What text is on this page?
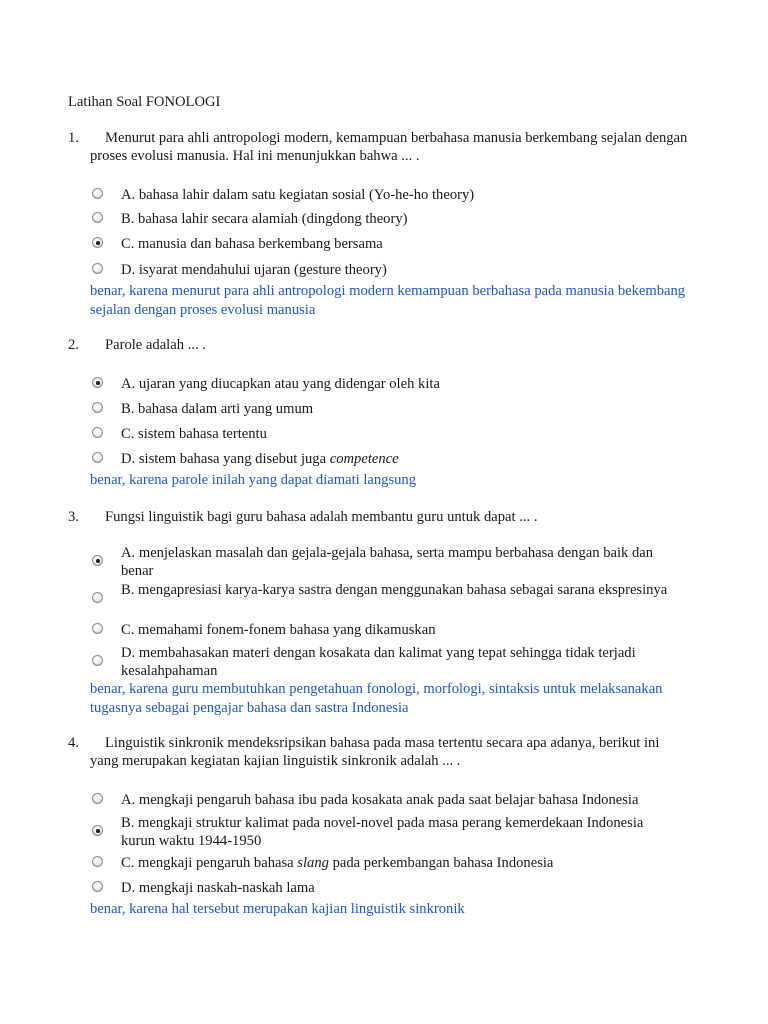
Latihan Soal FONOLOGI
1.	Menurut para ahli antropologi modern, kemampuan berbahasa manusia berkembang sejalan dengan proses evolusi manusia. Hal ini menunjukkan bahwa ... .
A. bahasa lahir dalam satu kegiatan sosial (Yo-he-ho theory)
B. bahasa lahir secara alamiah (dingdong theory)
C. manusia dan bahasa berkembang bersama
D. isyarat mendahului ujaran (gesture theory)
benar, karena menurut para ahli antropologi modern kemampuan berbahasa pada manusia bekembang sejalan dengan proses evolusi manusia
2.	Parole adalah ... .
A. ujaran yang diucapkan atau yang didengar oleh kita
B. bahasa dalam arti yang umum
C. sistem bahasa tertentu
D. sistem bahasa yang disebut juga competence
benar, karena parole inilah yang dapat diamati langsung
3.	Fungsi linguistik bagi guru bahasa adalah membantu guru untuk dapat ... .
A. menjelaskan masalah dan gejala-gejala bahasa, serta mampu berbahasa dengan baik dan benar
B. mengapresiasi karya-karya sastra dengan menggunakan bahasa sebagai sarana ekspresinya
C. memahami fonem-fonem bahasa yang dikamuskan
D. membahasakan materi dengan kosakata dan kalimat yang tepat sehingga tidak terjadi kesalahpahaman
benar, karena guru membutuhkan pengetahuan fonologi, morfologi, sintaksis untuk melaksanakan tugasnya sebagai pengajar bahasa dan sastra Indonesia
4.	Linguistik sinkronik mendeksripsikan bahasa pada masa tertentu secara apa adanya, berikut ini yang merupakan kegiatan kajian linguistik sinkronik adalah ... .
A. mengkaji pengaruh bahasa ibu pada kosakata anak pada saat belajar bahasa Indonesia
B. mengkaji struktur kalimat pada novel-novel pada masa perang kemerdekaan Indonesia kurun waktu 1944-1950
C. mengkaji pengaruh bahasa slang pada perkembangan bahasa Indonesia
D. mengkaji naskah-naskah lama
benar, karena hal tersebut merupakan kajian linguistik sinkronik
